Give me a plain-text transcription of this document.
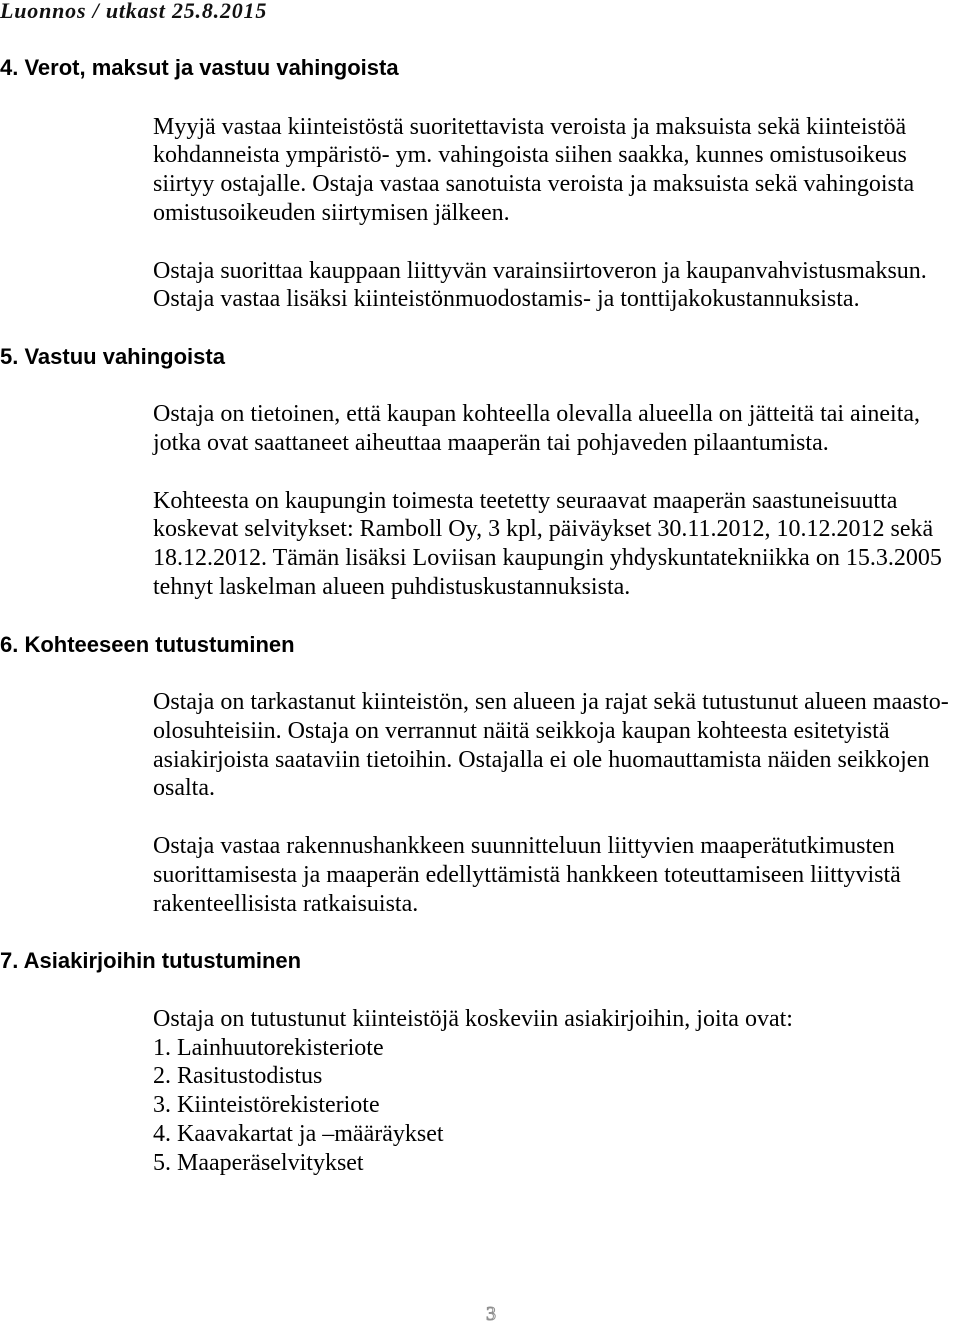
Luonnos / utkast 25.8.2015
4. Verot, maksut ja vastuu vahingoista
Myyjä vastaa kiinteistöstä suoritettavista veroista ja maksuista sekä kiinteistöä
kohdanneista ympäristö- ym. vahingoista siihen saakka, kunnes omistusoikeus
siirtyy ostajalle. Ostaja vastaa sanotuista veroista ja maksuista sekä vahingoista
omistusoikeuden siirtymisen jälkeen.
Ostaja suorittaa kauppaan liittyvän varainsiirtoveron ja kaupanvahvistusmaksun.
Ostaja vastaa lisäksi kiinteistönmuodostamis- ja tonttijakokustannuksista.
5. Vastuu vahingoista
Ostaja on tietoinen, että kaupan kohteella olevalla alueella on jätteitä tai aineita,
jotka ovat saattaneet aiheuttaa maaperän tai pohjaveden pilaantumista.
Kohteesta on kaupungin toimesta teetetty seuraavat maaperän saastuneisuutta
koskevat selvitykset: Ramboll Oy, 3 kpl, päiväykset 30.11.2012, 10.12.2012 sekä
18.12.2012. Tämän lisäksi Loviisan kaupungin yhdyskuntatekniikka on 15.3.2005
tehnyt laskelman alueen puhdistuskustannuksista.
6. Kohteeseen tutustuminen
Ostaja on tarkastanut kiinteistön, sen alueen ja rajat sekä tutustunut alueen maasto-
olosuhteisiin. Ostaja on verrannut näitä seikkoja kaupan kohteesta esitetyistä
asiakirjoista saataviin tietoihin. Ostajalla ei ole huomauttamista näiden seikkojen
osalta.
Ostaja vastaa rakennushankkeen suunnitteluun liittyvien maaperätutkimusten
suorittamisesta ja maaperän edellyttämistä hankkeen toteuttamiseen liittyvistä
rakenteellisista ratkaisuista.
7. Asiakirjoihin tutustuminen
Ostaja on tutustunut kiinteistöjä koskeviin asiakirjoihin, joita ovat:
1. Lainhuutorekisteriote
2. Rasitustodistus
3. Kiinteistörekisteriote
4. Kaavakartat ja –määräykset
5. Maaperäselvitykset
3
